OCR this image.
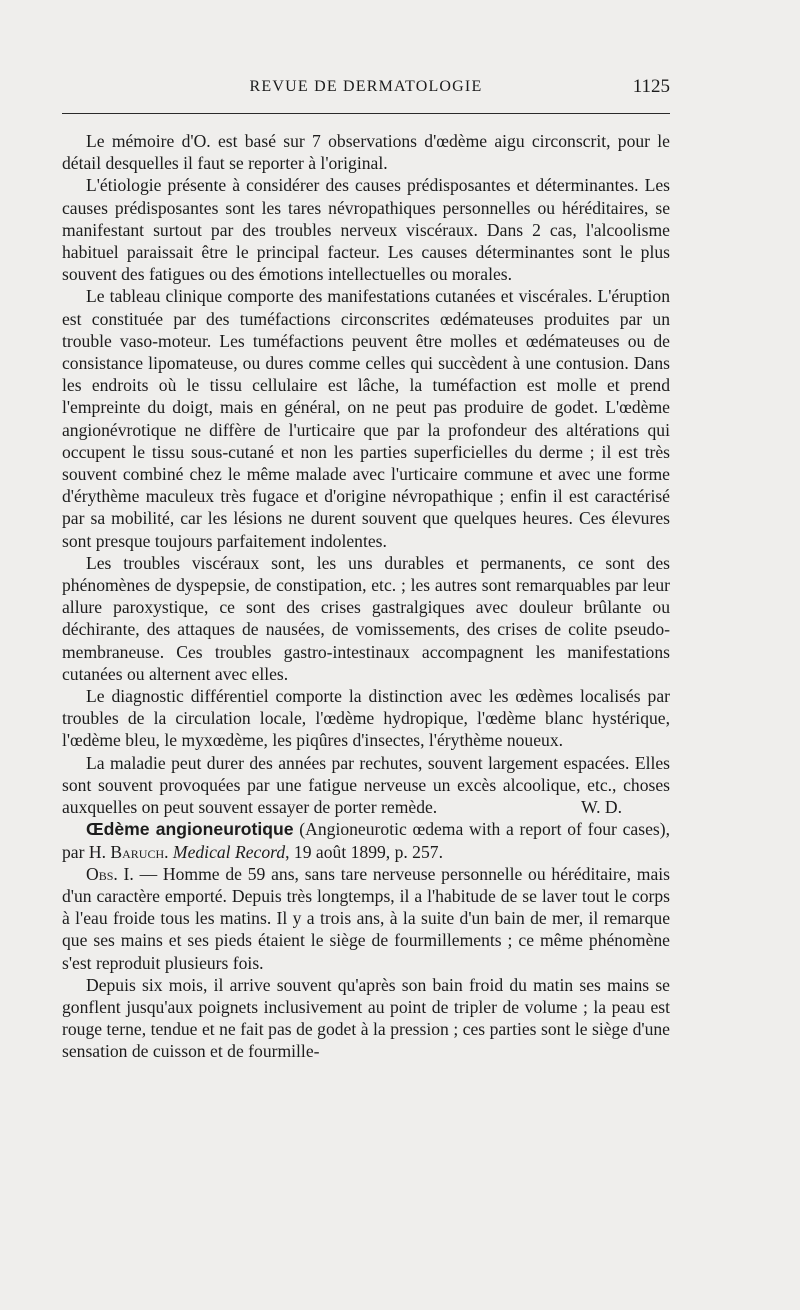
REVUE DE DERMATOLOGIE	1125

Le mémoire d'O. est basé sur 7 observations d'œdème aigu circonscrit, pour le détail desquelles il faut se reporter à l'original.

L'étiologie présente à considérer des causes prédisposantes et déterminantes. Les causes prédisposantes sont les tares névropathiques personnelles ou héréditaires, se manifestant surtout par des troubles nerveux viscéraux. Dans 2 cas, l'alcoolisme habituel paraissait être le principal facteur. Les causes déterminantes sont le plus souvent des fatigues ou des émotions intellectuelles ou morales.

Le tableau clinique comporte des manifestations cutanées et viscérales. L'éruption est constituée par des tuméfactions circonscrites œdémateuses produites par un trouble vaso-moteur. Les tuméfactions peuvent être molles et œdémateuses ou de consistance lipomateuse, ou dures comme celles qui succèdent à une contusion. Dans les endroits où le tissu cellulaire est lâche, la tuméfaction est molle et prend l'empreinte du doigt, mais en général, on ne peut pas produire de godet. L'œdème angionévrotique ne diffère de l'urticaire que par la profondeur des altérations qui occupent le tissu sous-cutané et non les parties superficielles du derme ; il est très souvent combiné chez le même malade avec l'urticaire commune et avec une forme d'érythème maculeux très fugace et d'origine névropathique ; enfin il est caractérisé par sa mobilité, car les lésions ne durent souvent que quelques heures. Ces élevures sont presque toujours parfaitement indolentes.

Les troubles viscéraux sont, les uns durables et permanents, ce sont des phénomènes de dyspepsie, de constipation, etc. ; les autres sont remarquables par leur allure paroxystique, ce sont des crises gastralgiques avec douleur brûlante ou déchirante, des attaques de nausées, de vomissements, des crises de colite pseudo-membraneuse. Ces troubles gastro-intestinaux accompagnent les manifestations cutanées ou alternent avec elles.

Le diagnostic différentiel comporte la distinction avec les œdèmes localisés par troubles de la circulation locale, l'œdème hydropique, l'œdème blanc hystérique, l'œdème bleu, le myxœdème, les piqûres d'insectes, l'érythème noueux.

La maladie peut durer des années par rechutes, souvent largement espacées. Elles sont souvent provoquées par une fatigue nerveuse un excès alcoolique, etc., choses auxquelles on peut souvent essayer de porter remède.	W. D.

Œdème angioneurotique (Angioneurotic œdema with a report of four cases), par H. Baruch. Medical Record, 19 août 1899, p. 257.

Obs. I. — Homme de 59 ans, sans tare nerveuse personnelle ou héréditaire, mais d'un caractère emporté. Depuis très longtemps, il a l'habitude de se laver tout le corps à l'eau froide tous les matins. Il y a trois ans, à la suite d'un bain de mer, il remarque que ses mains et ses pieds étaient le siège de fourmillements ; ce même phénomène s'est reproduit plusieurs fois.

Depuis six mois, il arrive souvent qu'après son bain froid du matin ses mains se gonflent jusqu'aux poignets inclusivement au point de tripler de volume ; la peau est rouge terne, tendue et ne fait pas de godet à la pression ; ces parties sont le siège d'une sensation de cuisson et de fourmille-
